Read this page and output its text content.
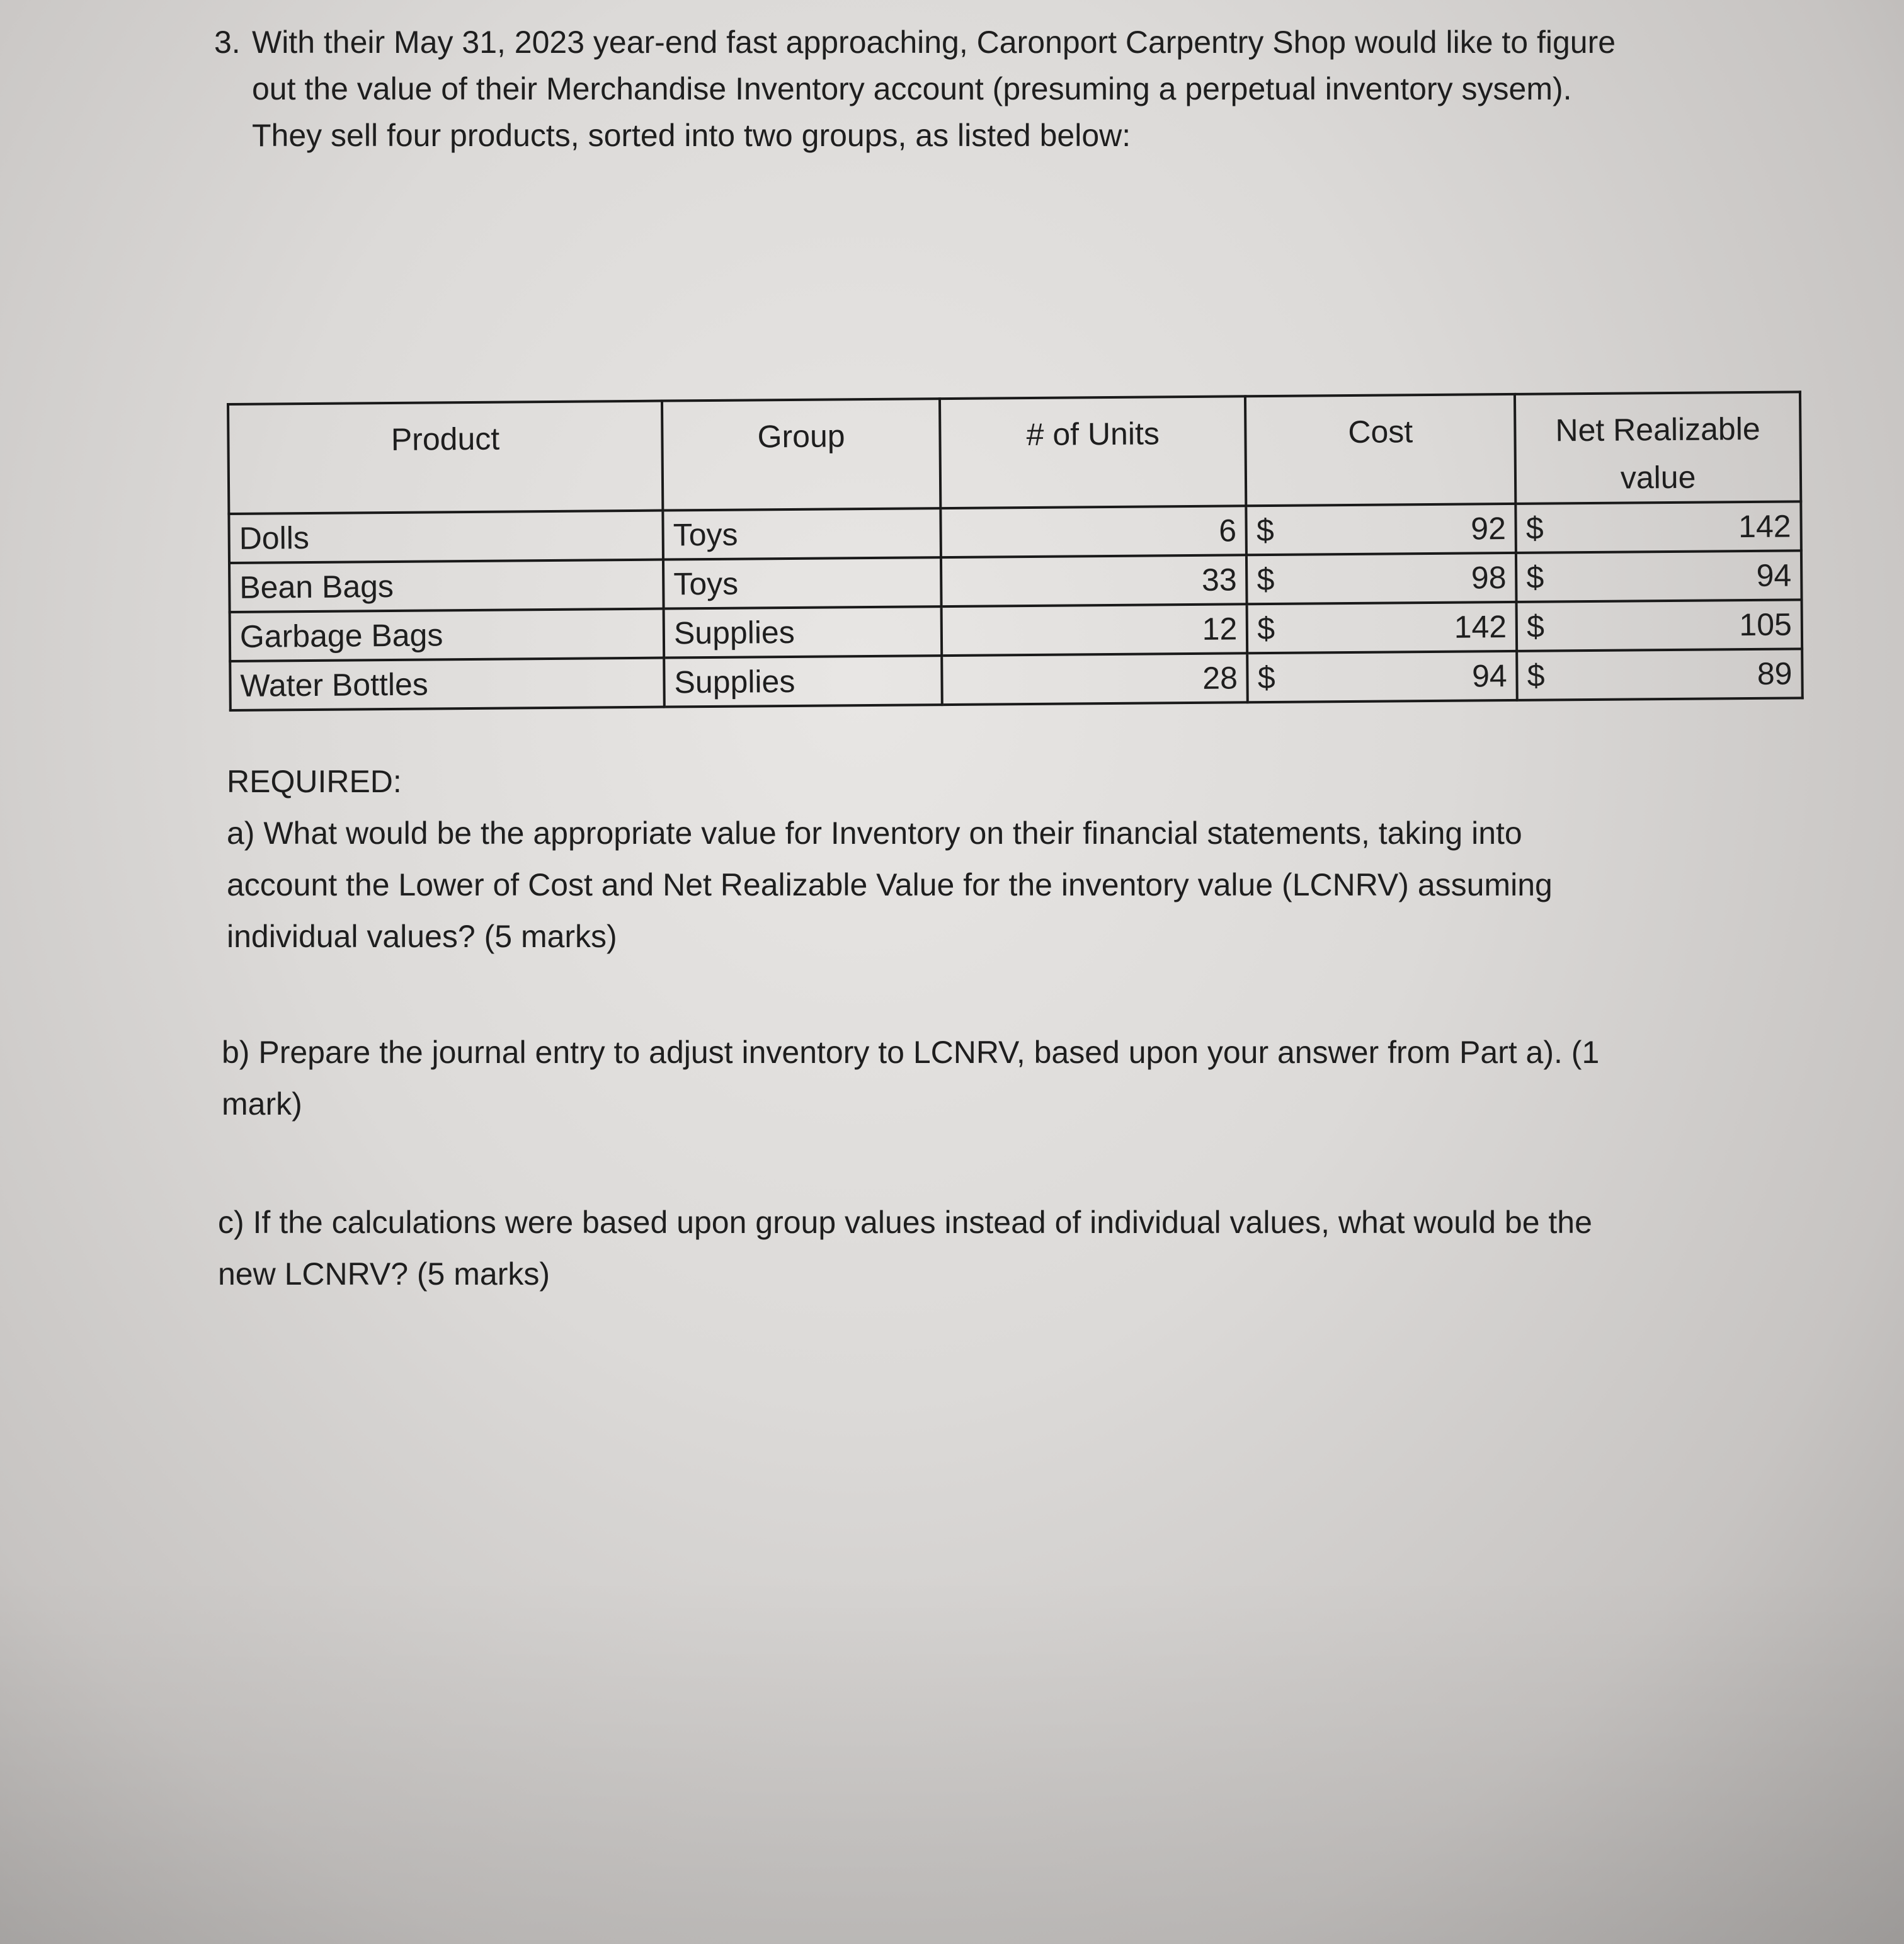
3. With their May 31, 2023 year-end fast approaching, Caronport Carpentry Shop would like to figure
out the value of their Merchandise Inventory account (presuming a perpetual inventory sysem).
They sell four products, sorted into two groups, as listed below:
Product	Group	# of Units	Cost	Net Realizable
value

Dolls	Toys	6	$ 92	$ 142

Bean Bags	Toys	33	$ 98	$ 94

Garbage Bags	Supplies	12	$ 142	$ 105

Water Bottles	Supplies	28	$ 94	$ 89
REQUIRED:
a) What would be the appropriate value for Inventory on their financial statements, taking into
account the Lower of Cost and Net Realizable Value for the inventory value (LCNRV) assuming
individual values? (5 marks)
b) Prepare the journal entry to adjust inventory to LCNRV, based upon your answer from Part a). (1
mark)
c) If the calculations were based upon group values instead of individual values, what would be the
new LCNRV? (5 marks)
